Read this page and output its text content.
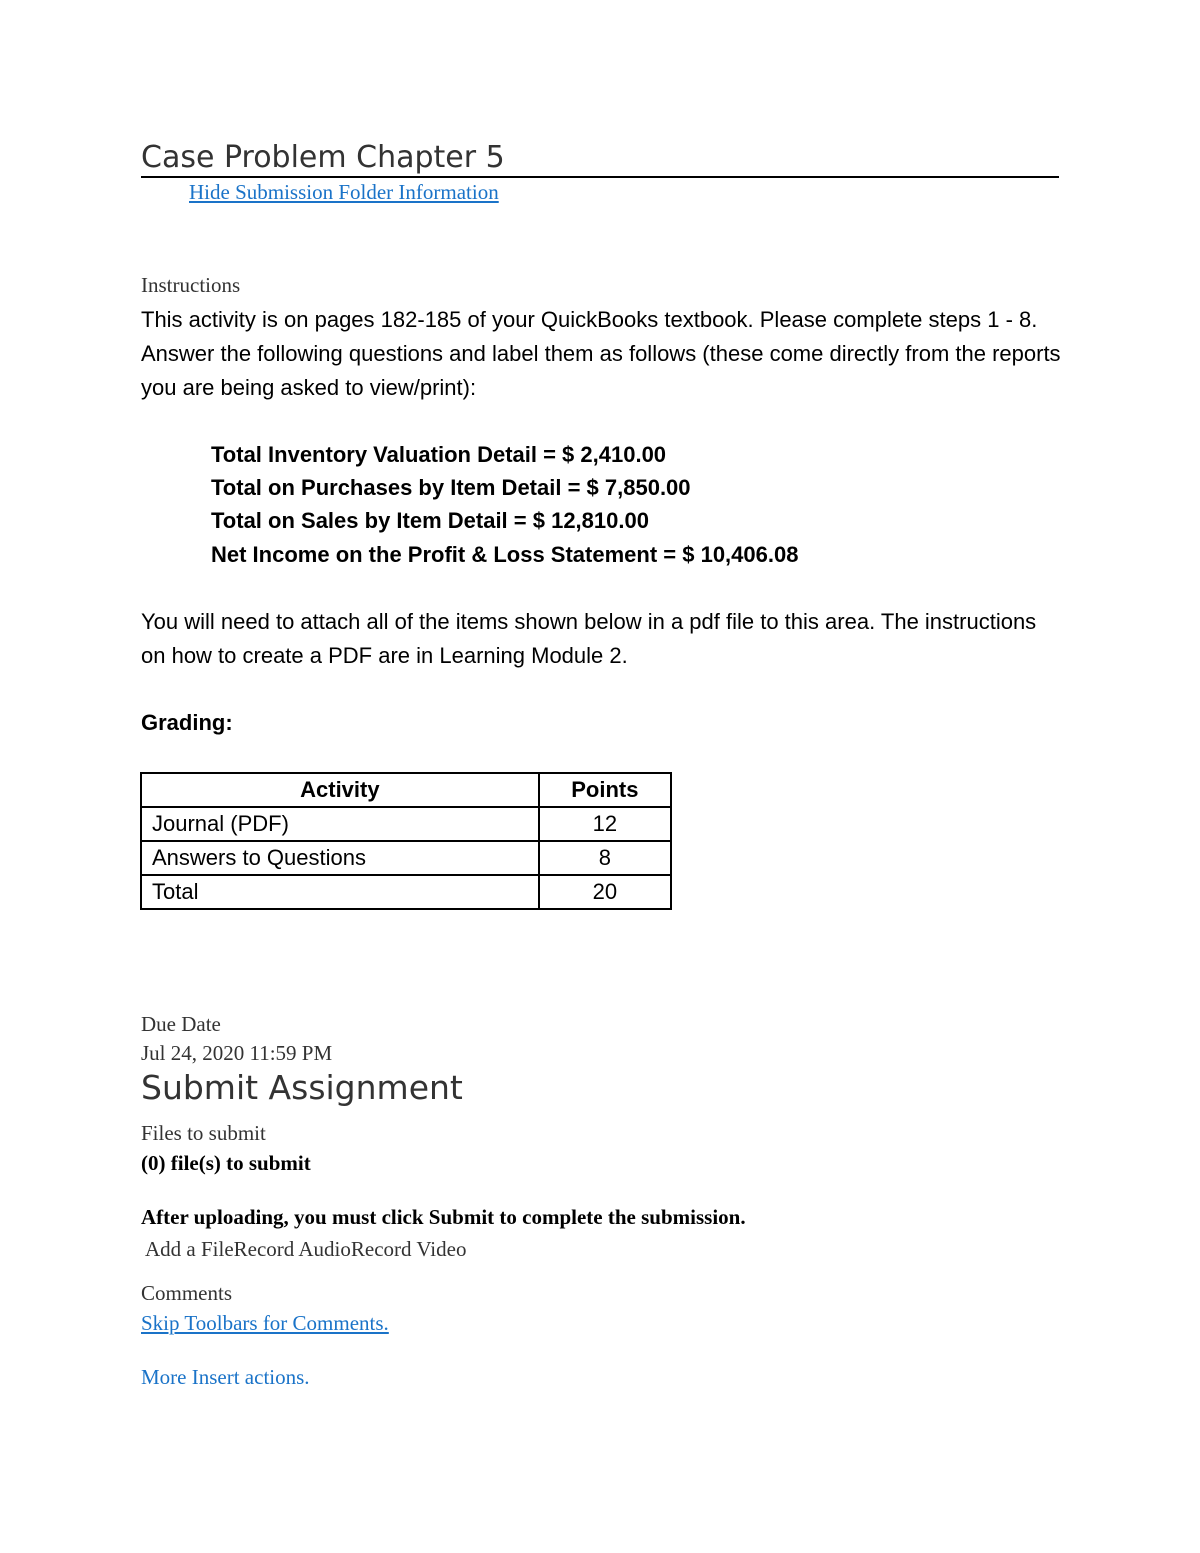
Case Problem Chapter 5
Hide Submission Folder Information
Instructions
This activity is on pages 182-185 of your QuickBooks textbook. Please complete steps 1 - 8.
Answer the following questions and label them as follows (these come directly from the reports
you are being asked to view/print):
Total Inventory Valuation Detail = $ 2,410.00
Total on Purchases by Item Detail = $ 7,850.00
Total on Sales by Item Detail = $ 12,810.00
Net Income on the Profit & Loss Statement = $ 10,406.08
You will need to attach all of the items shown below in a pdf file to this area. The instructions
on how to create a PDF are in Learning Module 2.
Grading:
Activity	Points
Journal (PDF)	12
Answers to Questions	8
Total	20
Due Date
Jul 24, 2020 11:59 PM
Submit Assignment
Files to submit
(0) file(s) to submit
After uploading, you must click Submit to complete the submission.
Add a FileRecord AudioRecord Video
Comments
Skip Toolbars for Comments.
More Insert actions.
